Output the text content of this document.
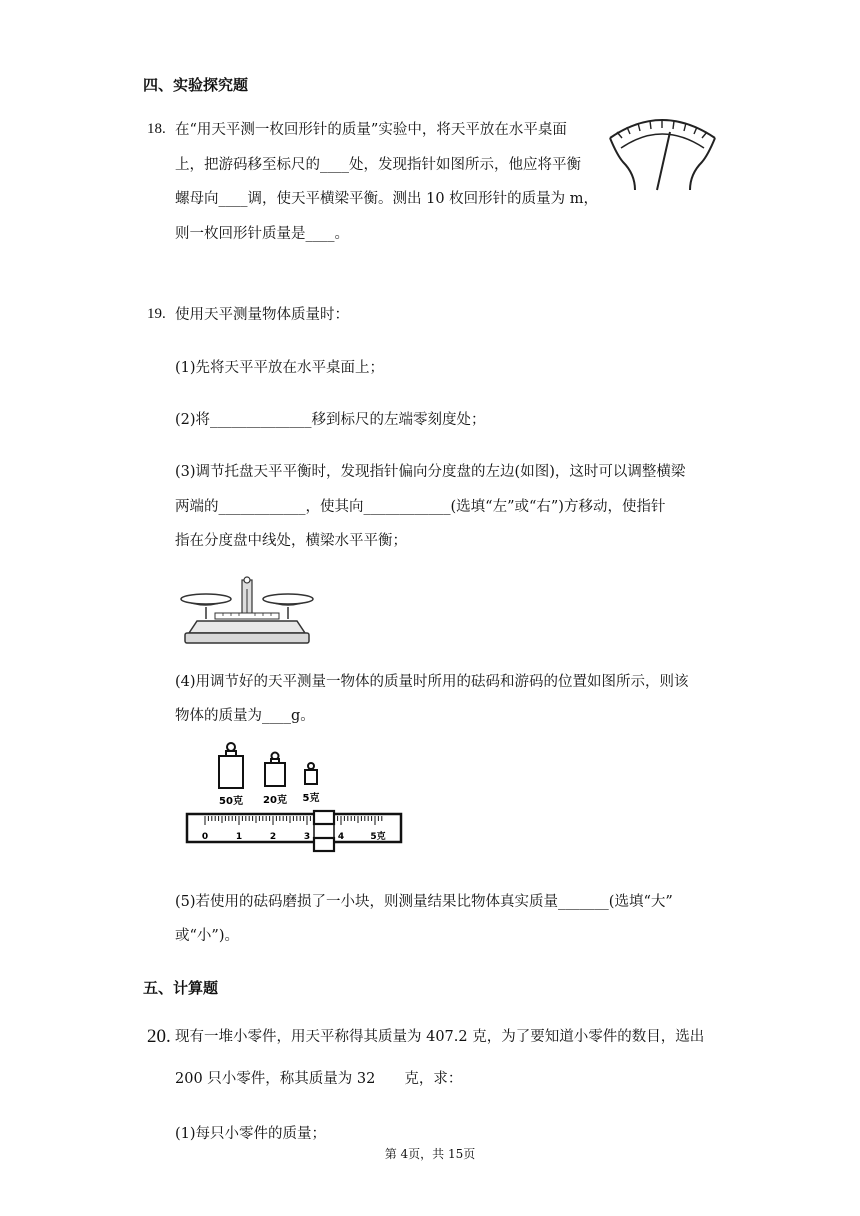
四、实验探究题
18. 在“用天平测一枚回形针的质量”实验中，将天平放在水平桌面
上，把游码移至标尺的____处，发现指针如图所示，他应将平衡
螺母向____调，使天平横梁平衡。测出 10 枚回形针的质量为 m，
则一枚回形针质量是____。
19. 使用天平测量物体质量时：
(1)先将天平平放在水平桌面上；
(2)将______________移到标尺的左端零刻度处；
(3)调节托盘天平平衡时，发现指针偏向分度盘的左边(如图)，这时可以调整横梁
两端的____________，使其向____________(选填“左”或“右”)方移动，使指针
指在分度盘中线处，横梁水平平衡；
(4)用调节好的天平测量一物体的质量时所用的砝码和游码的位置如图所示，则该
物体的质量为____g。
50克 20克 5克
0	1	2	3	4	5克
(5)若使用的砝码磨损了一小块，则测量结果比物体真实质量_______(选填“大”
或“小”)。
五、计算题
20. 现有一堆小零件，用天平称得其质量为 407.2 克，为了要知道小零件的数目，选出
200 只小零件，称其质量为 32　　克，求：
(1)每只小零件的质量；
第 4页，共 15页
